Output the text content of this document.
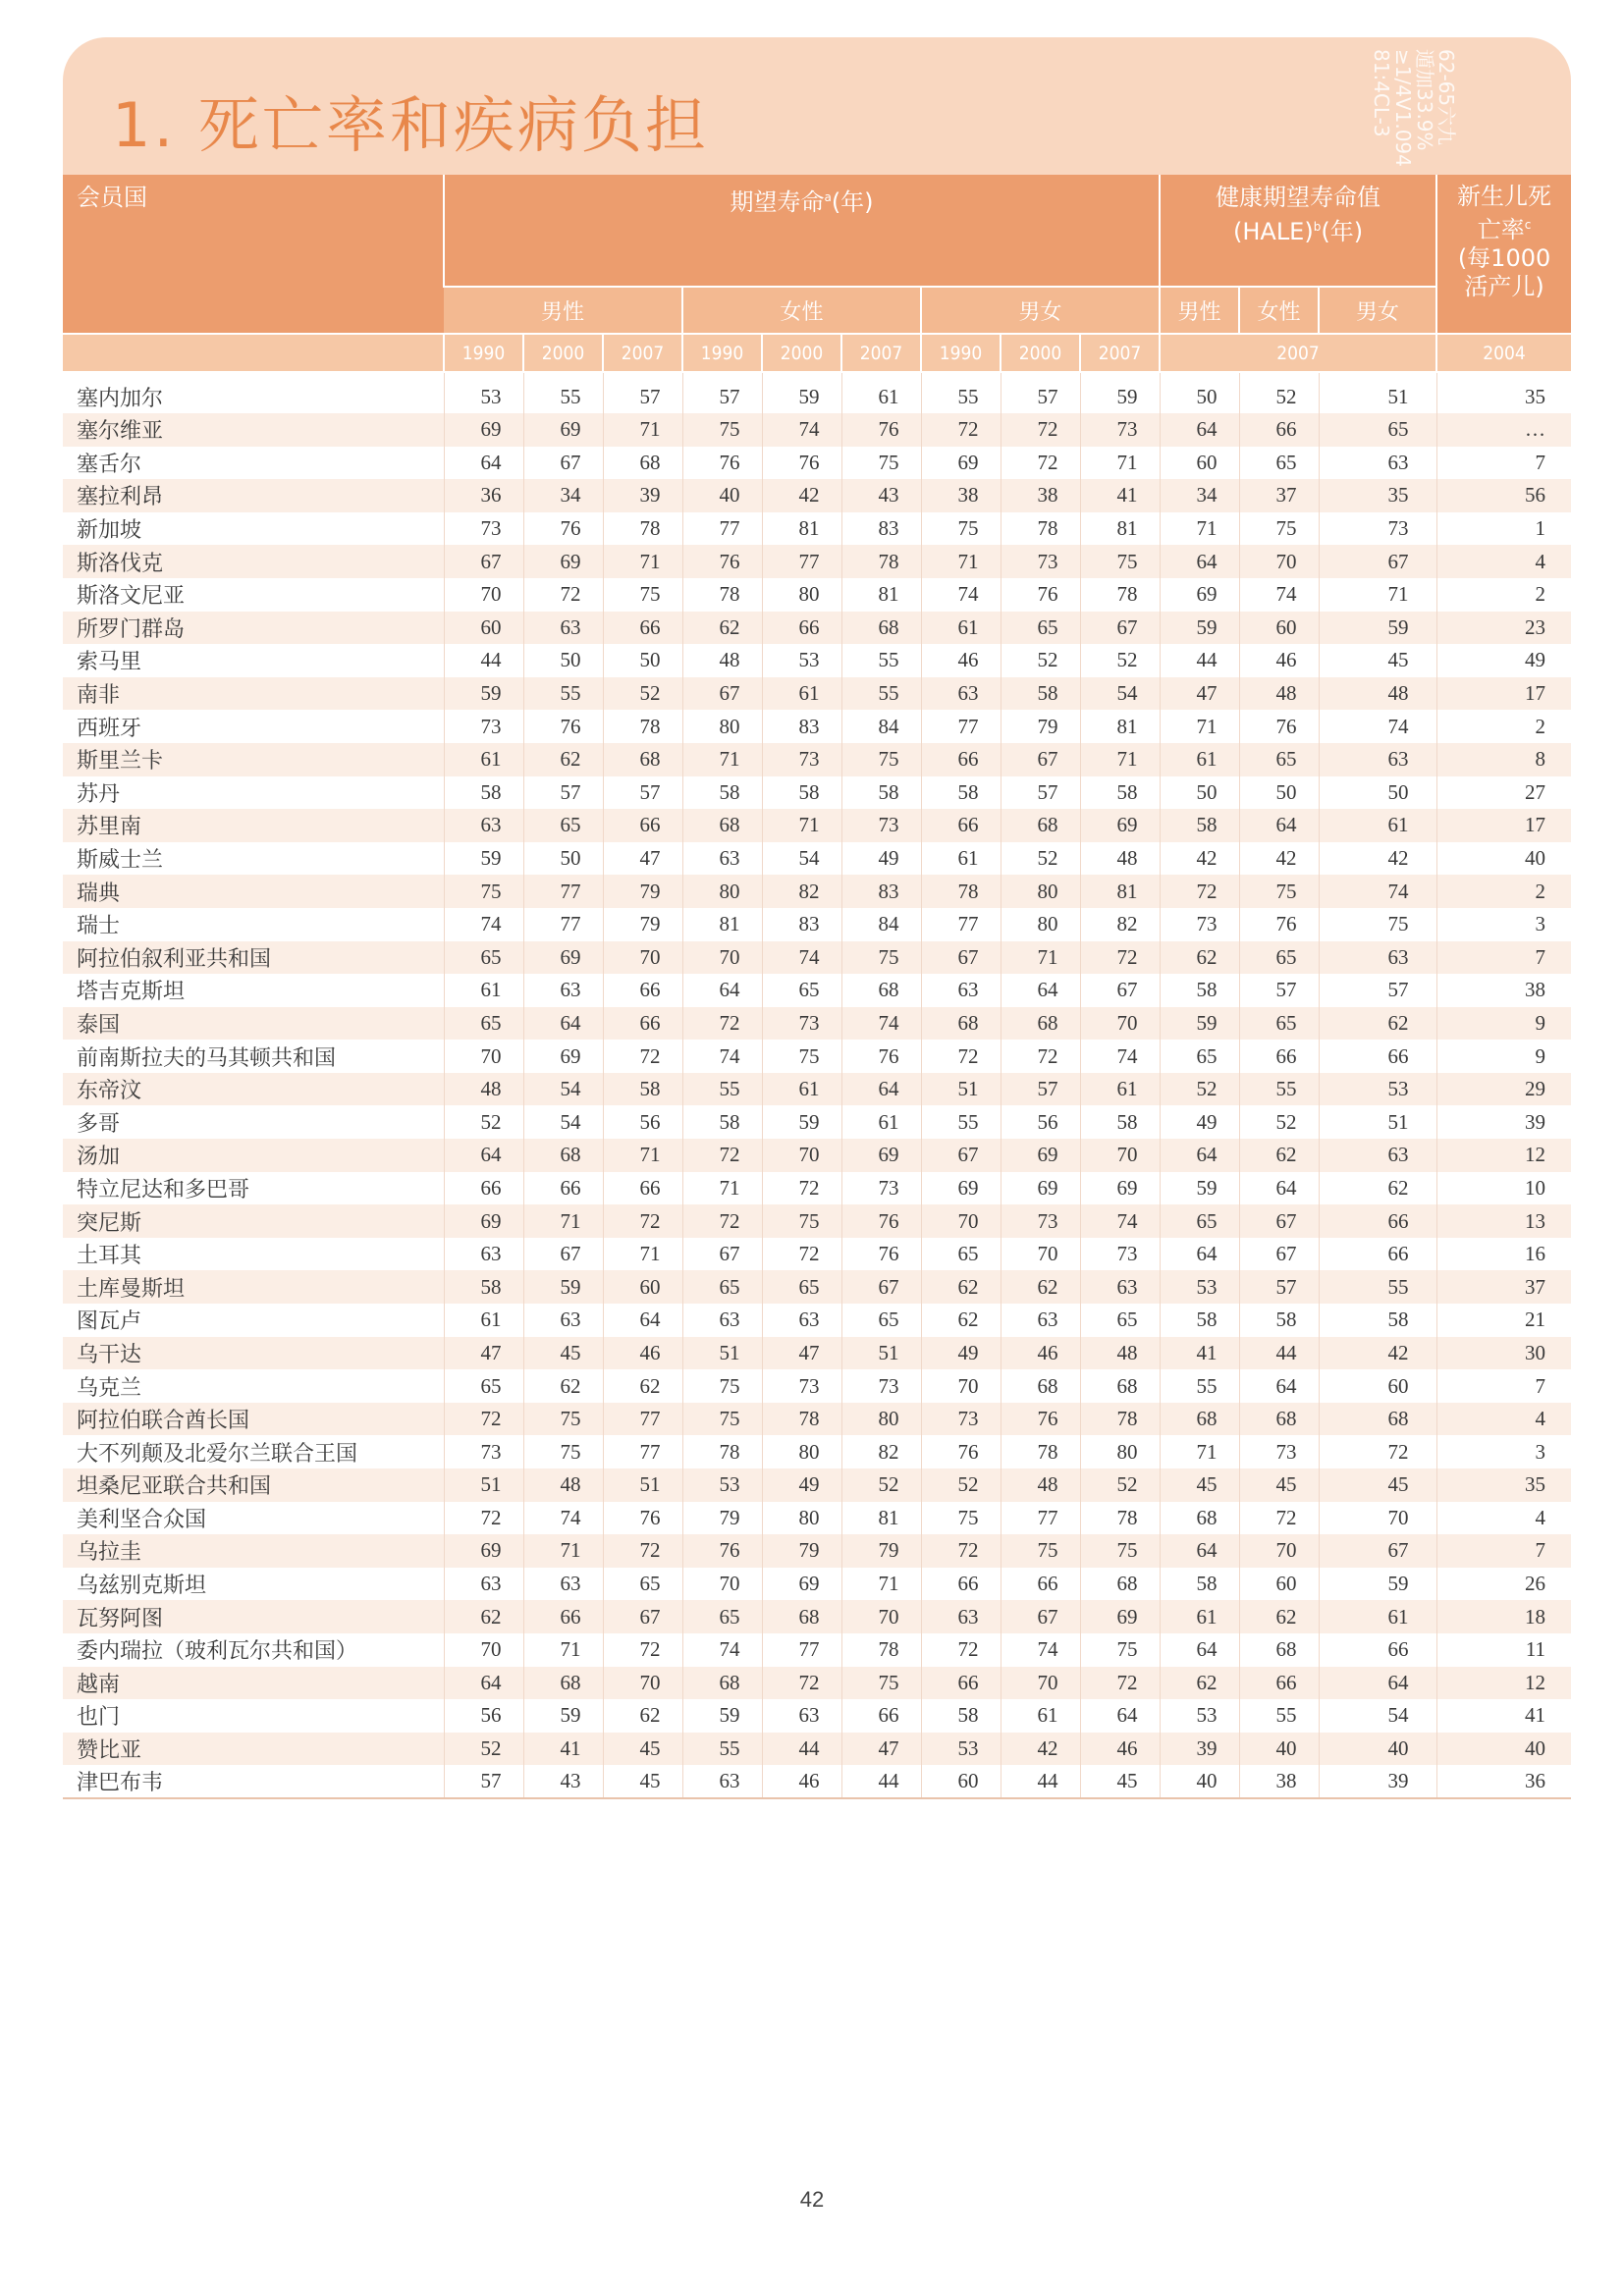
1. 死亡率和疾病负担	62-65六九
遁加33.9%
≥1/4V1.094
81:4CL-3
会员国	期望寿命$^a$(年)									健康期望寿命值
(HALE)$^b$(年)			新生儿死
亡率$^c$
(每1000
活产儿)
	男性			女性			男女			男性	女性	男女	
	1990	2000	2007	1990	2000	2007	1990	2000	2007	2007			2004
塞内加尔	53	55	57	57	59	61	55	57	59	50	52	51	35
塞尔维亚	69	69	71	75	74	76	72	72	73	64	66	65	…
塞舌尔	64	67	68	76	76	75	69	72	71	60	65	63	7
塞拉利昂	36	34	39	40	42	43	38	38	41	34	37	35	56
新加坡	73	76	78	77	81	83	75	78	81	71	75	73	1
斯洛伐克	67	69	71	76	77	78	71	73	75	64	70	67	4
斯洛文尼亚	70	72	75	78	80	81	74	76	78	69	74	71	2
所罗门群岛	60	63	66	62	66	68	61	65	67	59	60	59	23
索马里	44	50	50	48	53	55	46	52	52	44	46	45	49
南非	59	55	52	67	61	55	63	58	54	47	48	48	17
西班牙	73	76	78	80	83	84	77	79	81	71	76	74	2
斯里兰卡	61	62	68	71	73	75	66	67	71	61	65	63	8
苏丹	58	57	57	58	58	58	58	57	58	50	50	50	27
苏里南	63	65	66	68	71	73	66	68	69	58	64	61	17
斯威士兰	59	50	47	63	54	49	61	52	48	42	42	42	40
瑞典	75	77	79	80	82	83	78	80	81	72	75	74	2
瑞士	74	77	79	81	83	84	77	80	82	73	76	75	3
阿拉伯叙利亚共和国	65	69	70	70	74	75	67	71	72	62	65	63	7
塔吉克斯坦	61	63	66	64	65	68	63	64	67	58	57	57	38
泰国	65	64	66	72	73	74	68	68	70	59	65	62	9
前南斯拉夫的马其顿共和国	70	69	72	74	75	76	72	72	74	65	66	66	9
东帝汶	48	54	58	55	61	64	51	57	61	52	55	53	29
多哥	52	54	56	58	59	61	55	56	58	49	52	51	39
汤加	64	68	71	72	70	69	67	69	70	64	62	63	12
特立尼达和多巴哥	66	66	66	71	72	73	69	69	69	59	64	62	10
突尼斯	69	71	72	72	75	76	70	73	74	65	67	66	13
土耳其	63	67	71	67	72	76	65	70	73	64	67	66	16
土库曼斯坦	58	59	60	65	65	67	62	62	63	53	57	55	37
图瓦卢	61	63	64	63	63	65	62	63	65	58	58	58	21
乌干达	47	45	46	51	47	51	49	46	48	41	44	42	30
乌克兰	65	62	62	75	73	73	70	68	68	55	64	60	7
阿拉伯联合酋长国	72	75	77	75	78	80	73	76	78	68	68	68	4
大不列颠及北爱尔兰联合王国	73	75	77	78	80	82	76	78	80	71	73	72	3
坦桑尼亚联合共和国	51	48	51	53	49	52	52	48	52	45	45	45	35
美利坚合众国	72	74	76	79	80	81	75	77	78	68	72	70	4
乌拉圭	69	71	72	76	79	79	72	75	75	64	70	67	7
乌兹别克斯坦	63	63	65	70	69	71	66	66	68	58	60	59	26
瓦努阿图	62	66	67	65	68	70	63	67	69	61	62	61	18
委内瑞拉（玻利瓦尔共和国）	70	71	72	74	77	78	72	74	75	64	68	66	11
越南	64	68	70	68	72	75	66	70	72	62	66	64	12
也门	56	59	62	59	63	66	58	61	64	53	55	54	41
赞比亚	52	41	45	55	44	47	53	42	46	39	40	40	40
津巴布韦	57	43	45	63	46	44	60	44	45	40	38	39	36
42
